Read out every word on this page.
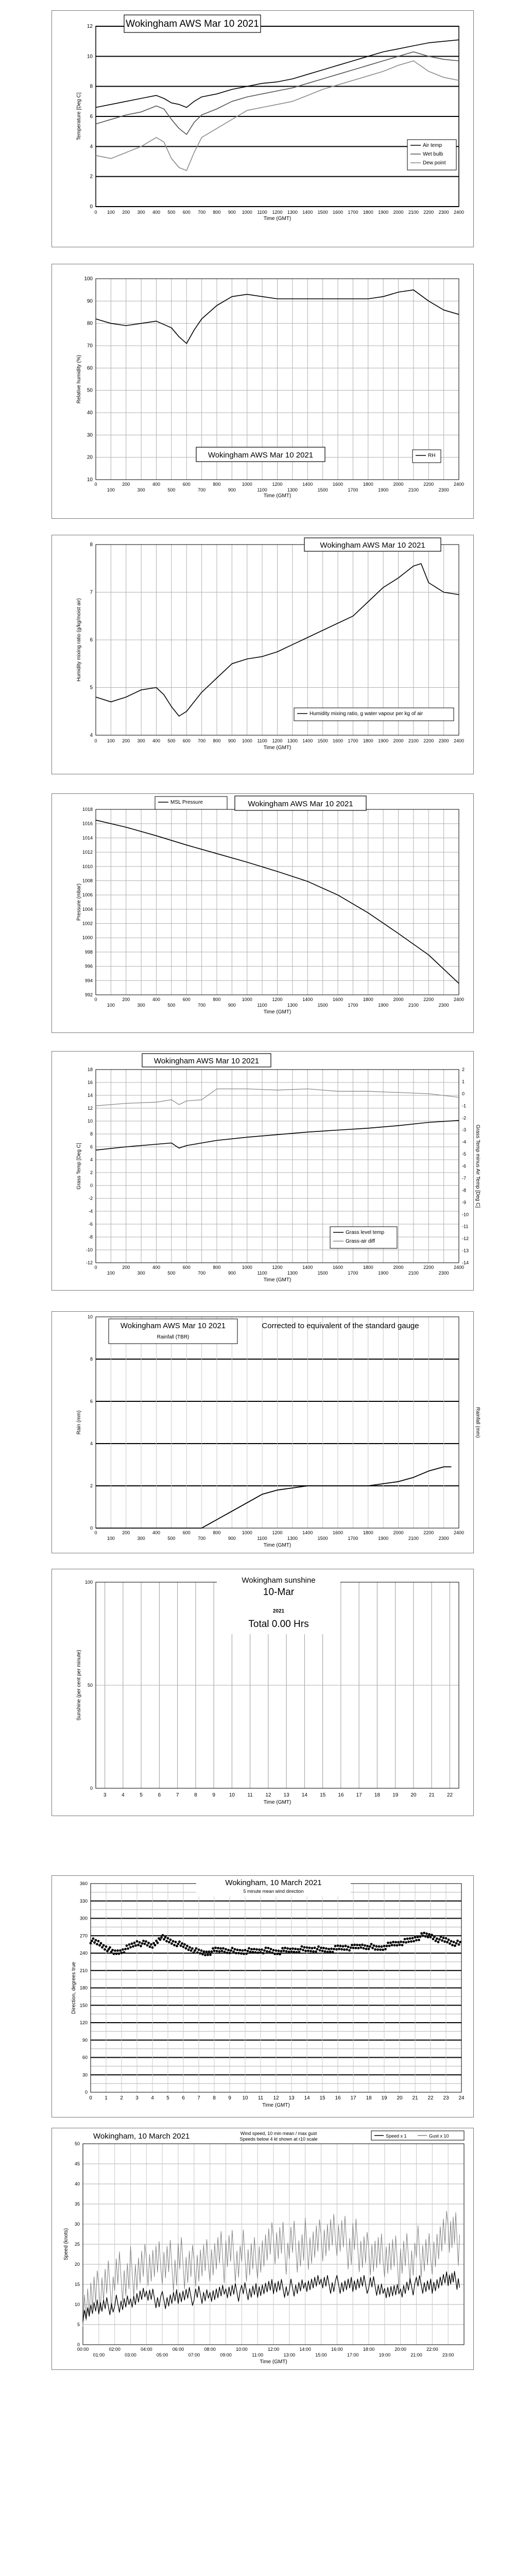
0
2
4
6
8
10
12
0 100 200 300 400 500 600 700 800 900 1000 1100 1200 1300 1400 1500 1600 1700 1800 1900 2000 2100 2200 2300 2400
Time (GMT)
Temperature [Deg C]
Wokingham AWS Mar 10 2021
Air temp
Wet bulb
Dew point
10
20
30
40
50
60
70
80
90
100
0	200	400	600	800	1000	1200	1400	1600	1800	2000	2200	2400
100	300	500	700	900	1100	1300	1500	1700	1900	2100	2300
Time (GMT)
Relative humidity (%)
Wokingham AWS Mar 10 2021	RH
4
5
6
7
8
0 100 200 300 400 500 600 700 800 900 1000 1100 1200 1300 1400 1500 1600 1700 1800 1900 2000 2100 2200 2300 2400
Time (GMT)
Humidity mixing ratio (g/kg/moist air)
Wokingham AWS Mar 10 2021
Humidity mixing ratio, g water vapour per kg of air
992
994
996
998
1000
1002
1004
1006
1008
1010
1012
1014
1016
1018
0	200	400	600	800	1000	1200	1400	1600	1800	2000	2200	2400
100	300	500	700	900	1100	1300	1500	1700	1900	2100	2300
Time (GMT)
Pressure (mbar)
MSL Pressure	Wokingham AWS Mar 10 2021
-12
-10
-8
-6
-4
-2
0
2
4
6
8
10
12
14
16
18
-14
-13
-12
-11
-10
-9
-8
-7
-6
-5
-4
-3
-2
-1
0
1
2
0	200	400	600	800	1000	1200	1400	1600	1800	2000	2200	2400
100	300	500	700	900	1100	1300	1500	1700	1900	2100	2300
Time (GMT)
Grass Temp [Deg C]	Grass Temp minus Air Temp [Deg C]
Wokingham AWS Mar 10 2021
Grass level temp
Grass-air diff
0
2
4
6
8
10
0	200	400	600	800	1000	1200	1400	1600	1800	2000	2200	2400
100	300	500	700	900	1100	1300	1500	1700	1900	2100	2300
Time (GMT)
Rain (mm)	Rainfall (mm)
Wokingham AWS Mar 10 2021
Rainfall (TBR)
Corrected to equivalent of the standard gauge
0
50
100
3	4	5	6	7	8	9	10 11 12 13 14 15 16 17 18 19 20 21 22
Time (GMT)
Sunshine (per cent per minute)
Wokingham sunshine
10-Mar
2021
Total 0.00 Hrs
0
30
60
90
120
150
180
210
240
270
300
330
360
0 1 2 3 4 5 6 7 8 9 10 11 12 13 14 15 16 17 18 19 20 21 22 23 24
Time (GMT)
Direction, degrees true
Wokingham, 10 March 2021
5 minute mean wind direction
0
5
10
15
20
25
30
35
40
45
50
00:00	02:00	04:00	06:00	08:00	10:00	12:00	14:00	16:00	18:00	20:00	22:00
01:00	03:00	05:00	07:00	09:00	11:00	13:00	15:00	17:00	19:00	21:00	23:00
Time (GMT)
Speed (knots)
Wokingham, 10 March 2021	Wind speed, 10 min mean / max gust
Speeds below 4 kt shown at r10 scale
Speed x 1	Gust x 10
